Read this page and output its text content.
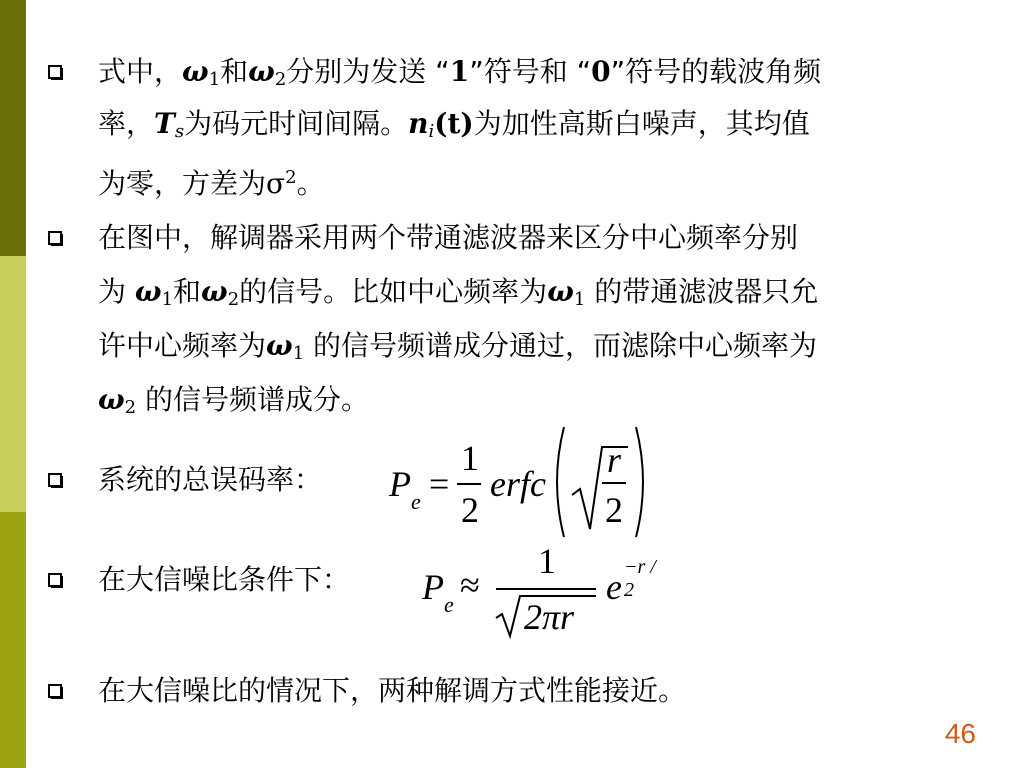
式中，$\omega_1$和$\omega_2$分别为发送 “1”符号和 “0”符号的载波角频
率，$T_s$为码元时间间隔。$n_i(t)$为加性高斯白噪声，其均值
为零，方差为$\sigma^2$。
在图中，解调器采用两个带通滤波器来区分中心频率分别
为 $\omega_1$和$\omega_2$的信号。比如中心频率为$\omega_1$ 的带通滤波器只允
许中心频率为$\omega_1$ 的信号频谱成分通过，而滤除中心频率为
$\omega_2$ 的信号频谱成分。
系统的总误码率： P e =
1
2
erfc
r
2
在大信噪比条件下： P e ≈
1
2πr
e −r / 2
在大信噪比的情况下，两种解调方式性能接近。
46
